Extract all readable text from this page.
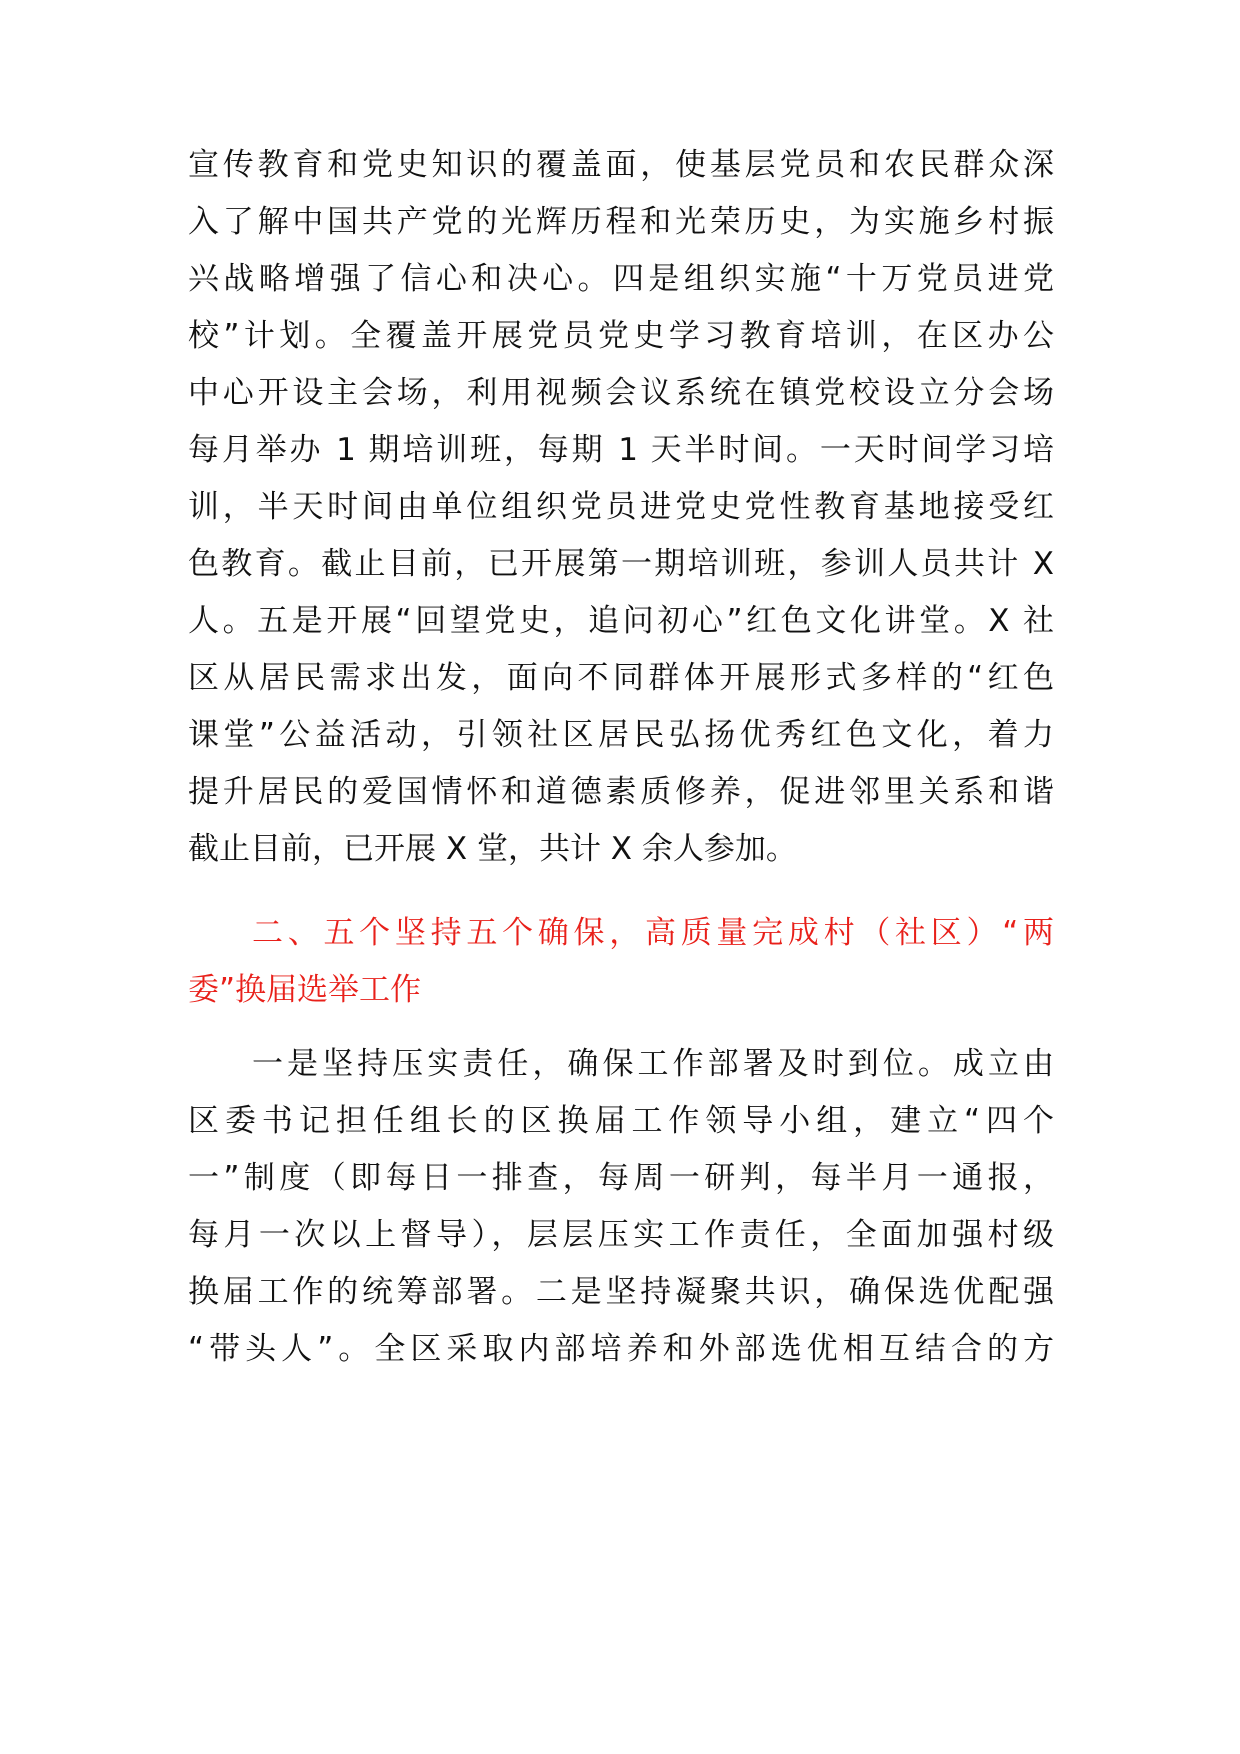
宣传教育和党史知识的覆盖面，使基层党员和农民群众深
入了解中国共产党的光辉历程和光荣历史，为实施乡村振
兴战略增强了信心和决心。四是组织实施“十万党员进党
校”计划。全覆盖开展党员党史学习教育培训，在区办公
中心开设主会场，利用视频会议系统在镇党校设立分会场
每月举办 1 期培训班，每期 1 天半时间。一天时间学习培
训，半天时间由单位组织党员进党史党性教育基地接受红
色教育。截止目前，已开展第一期培训班，参训人员共计 X
人。五是开展“回望党史，追问初心”红色文化讲堂。X 社
区从居民需求出发，面向不同群体开展形式多样的“红色
课堂”公益活动，引领社区居民弘扬优秀红色文化，着力
提升居民的爱国情怀和道德素质修养，促进邻里关系和谐
截止目前，已开展 X 堂，共计 X 余人参加。
二、五个坚持五个确保，高质量完成村（社区）“两
委”换届选举工作
一是坚持压实责任，确保工作部署及时到位。成立由
区委书记担任组长的区换届工作领导小组，建立“四个
一”制度（即每日一排查，每周一研判，每半月一通报，
每月一次以上督导），层层压实工作责任，全面加强村级
换届工作的统筹部署。二是坚持凝聚共识，确保选优配强
“带头人”。全区采取内部培养和外部选优相互结合的方
